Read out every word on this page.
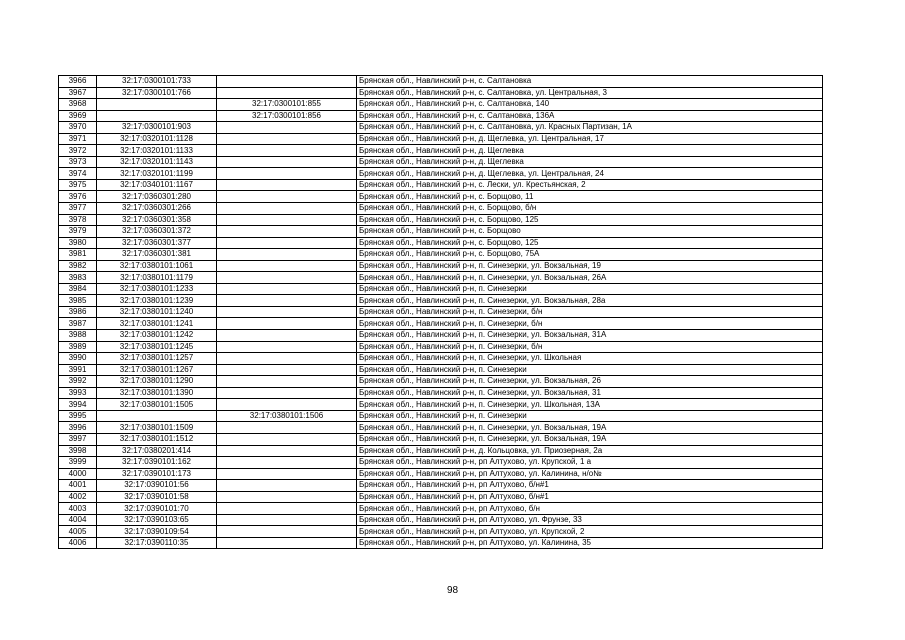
3966	32:17:0300101:733		Брянская обл., Навлинский р-н, с. Салтановка
3967	32:17:0300101:766		Брянская обл., Навлинский р-н, с. Салтановка, ул. Центральная, 3
3968		32:17:0300101:855	Брянская обл., Навлинский р-н, с. Салтановка, 140
3969		32:17:0300101:856	Брянская обл., Навлинский р-н, с. Салтановка, 136А
3970	32:17:0300101:903		Брянская обл., Навлинский р-н, с. Салтановка, ул. Красных Партизан, 1А
3971	32:17:0320101:1128		Брянская обл., Навлинский р-н, д. Щеглевка, ул. Центральная, 17
3972	32:17:0320101:1133		Брянская обл., Навлинский р-н, д. Щеглевка
3973	32:17:0320101:1143		Брянская обл., Навлинский р-н, д. Щеглевка
3974	32:17:0320101:1199		Брянская обл., Навлинский р-н, д. Щеглевка, ул. Центральная, 24
3975	32:17:0340101:1167		Брянская обл., Навлинский р-н, с. Лески, ул. Крестьянская, 2
3976	32:17:0360301:280		Брянская обл., Навлинский р-н, с. Борщово, 11
3977	32:17:0360301:266		Брянская обл., Навлинский р-н, с. Борщово, б/н
3978	32:17:0360301:358		Брянская обл., Навлинский р-н, с. Борщово, 125
3979	32:17:0360301:372		Брянская обл., Навлинский р-н, с. Борщово
3980	32:17:0360301:377		Брянская обл., Навлинский р-н, с. Борщово, 125
3981	32:17:0360301:381		Брянская обл., Навлинский р-н, с. Борщово, 75А
3982	32:17:0380101:1061		Брянская обл., Навлинский р-н, п. Синезерки, ул. Вокзальная, 19
3983	32:17:0380101:1179		Брянская обл., Навлинский р-н, п. Синезерки, ул. Вокзальная, 26А
3984	32:17:0380101:1233		Брянская обл., Навлинский р-н, п. Синезерки
3985	32:17:0380101:1239		Брянская обл., Навлинский р-н, п. Синезерки, ул. Вокзальная, 28а
3986	32:17:0380101:1240		Брянская обл., Навлинский р-н, п. Синезерки, б/н
3987	32:17:0380101:1241		Брянская обл., Навлинский р-н, п. Синезерки, б/н
3988	32:17:0380101:1242		Брянская обл., Навлинский р-н, п. Синезерки, ул. Вокзальная, 31А
3989	32:17:0380101:1245		Брянская обл., Навлинский р-н, п. Синезерки, б/н
3990	32:17:0380101:1257		Брянская обл., Навлинский р-н, п. Синезерки, ул. Школьная
3991	32:17:0380101:1267		Брянская обл., Навлинский р-н, п. Синезерки
3992	32:17:0380101:1290		Брянская обл., Навлинский р-н, п. Синезерки, ул. Вокзальная, 26
3993	32:17:0380101:1390		Брянская обл., Навлинский р-н, п. Синезерки, ул. Вокзальная, 31
3994	32:17:0380101:1505		Брянская обл., Навлинский р-н, п. Синезерки, ул. Школьная, 13А
3995		32:17:0380101:1506	Брянская обл., Навлинский р-н, п. Синезерки
3996	32:17:0380101:1509		Брянская обл., Навлинский р-н, п. Синезерки, ул. Вокзальная, 19А
3997	32:17:0380101:1512		Брянская обл., Навлинский р-н, п. Синезерки, ул. Вокзальная, 19А
3998	32:17:0380201:414		Брянская обл., Навлинский р-н, д. Кольцовка, ул. Приозерная, 2а
3999	32:17:0390101:162		Брянская обл., Навлинский р-н, рп Алтухово, ул. Крупской, 1 а
4000	32:17:0390101:173		Брянская обл., Навлинский р-н, рп Алтухово, ул. Калинина, н/о№
4001	32:17:0390101:56		Брянская обл., Навлинский р-н, рп Алтухово, б/н#1
4002	32:17:0390101:58		Брянская обл., Навлинский р-н, рп Алтухово, б/н#1
4003	32:17:0390101:70		Брянская обл., Навлинский р-н, рп Алтухово, б/н
4004	32:17:0390103:65		Брянская обл., Навлинский р-н, рп Алтухово, ул. Фрунзе, 33
4005	32:17:0390109:54		Брянская обл., Навлинский р-н, рп Алтухово, ул. Крупской, 2
4006	32:17:0390110:35		Брянская обл., Навлинский р-н, рп Алтухово, ул. Калинина, 35
98
